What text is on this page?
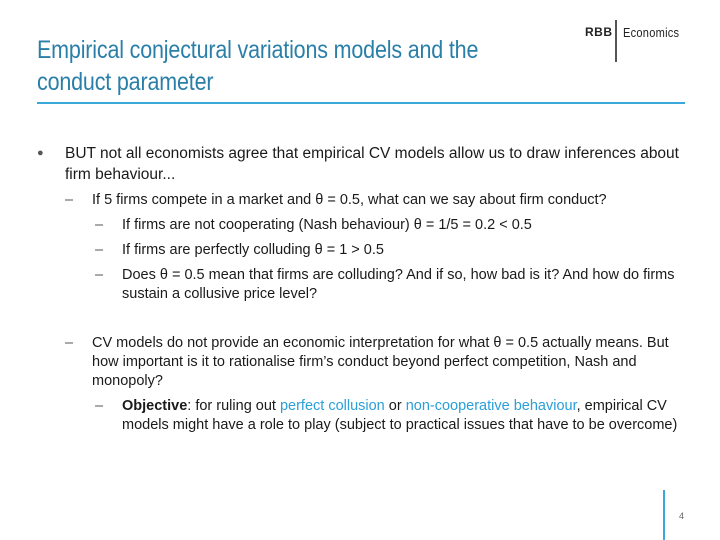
Empirical conjectural variations models and the conduct parameter
RBB Economics
● BUT not all economists agree that empirical CV models allow us to draw inferences about firm behaviour...
– If 5 firms compete in a market and θ = 0.5, what can we say about firm conduct?
– If firms are not cooperating (Nash behaviour) θ = 1/5 = 0.2 < 0.5
– If firms are perfectly colluding θ = 1 > 0.5
– Does θ = 0.5 mean that firms are colluding? And if so, how bad is it? And how do firms sustain a collusive price level?
– CV models do not provide an economic interpretation for what θ = 0.5 actually means. But how important is it to rationalise firm’s conduct beyond perfect competition, Nash and monopoly?
– Objective: for ruling out perfect collusion or non-cooperative behaviour, empirical CV models might have a role to play (subject to practical issues that have to be overcome)
4
